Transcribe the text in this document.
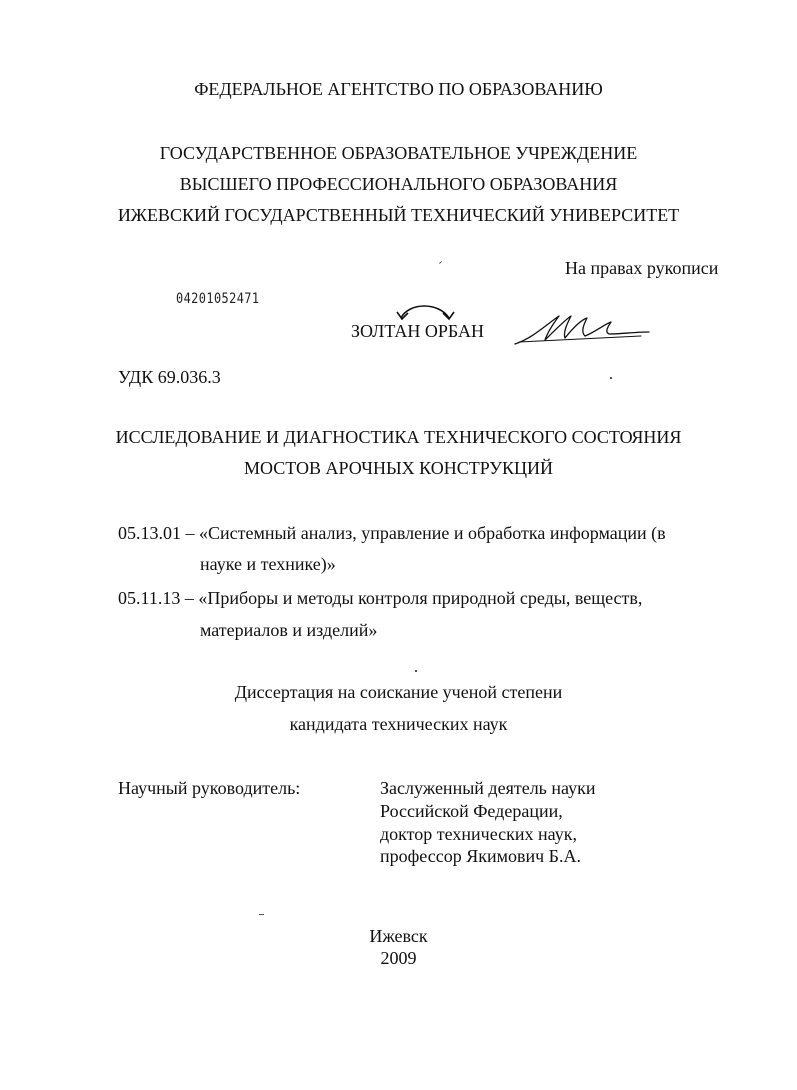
ФЕДЕРАЛЬНОЕ АГЕНТСТВО ПО ОБРАЗОВАНИЮ
ГОСУДАРСТВЕННОЕ ОБРАЗОВАТЕЛЬНОЕ УЧРЕЖДЕНИЕ
ВЫСШЕГО ПРОФЕССИОНАЛЬНОГО ОБРАЗОВАНИЯ
ИЖЕВСКИЙ ГОСУДАРСТВЕННЫЙ ТЕХНИЧЕСКИЙ УНИВЕРСИТЕТ
На правах рукописи
04201052471
ЗОЛТАН ОРБАН
УДК 69.036.3
ИССЛЕДОВАНИЕ И ДИАГНОСТИКА ТЕХНИЧЕСКОГО СОСТОЯНИЯ
МОСТОВ АРОЧНЫХ КОНСТРУКЦИЙ
05.13.01 – «Системный анализ, управление и обработка информации (в
науке и технике)»
05.11.13 – «Приборы и методы контроля природной среды, веществ,
материалов и изделий»
Диссертация на соискание ученой степени
кандидата технических наук
Научный руководитель:	Заслуженный деятель науки
Российской Федерации,
доктор технических наук,
профессор Якимович Б.А.
Ижевск
2009
